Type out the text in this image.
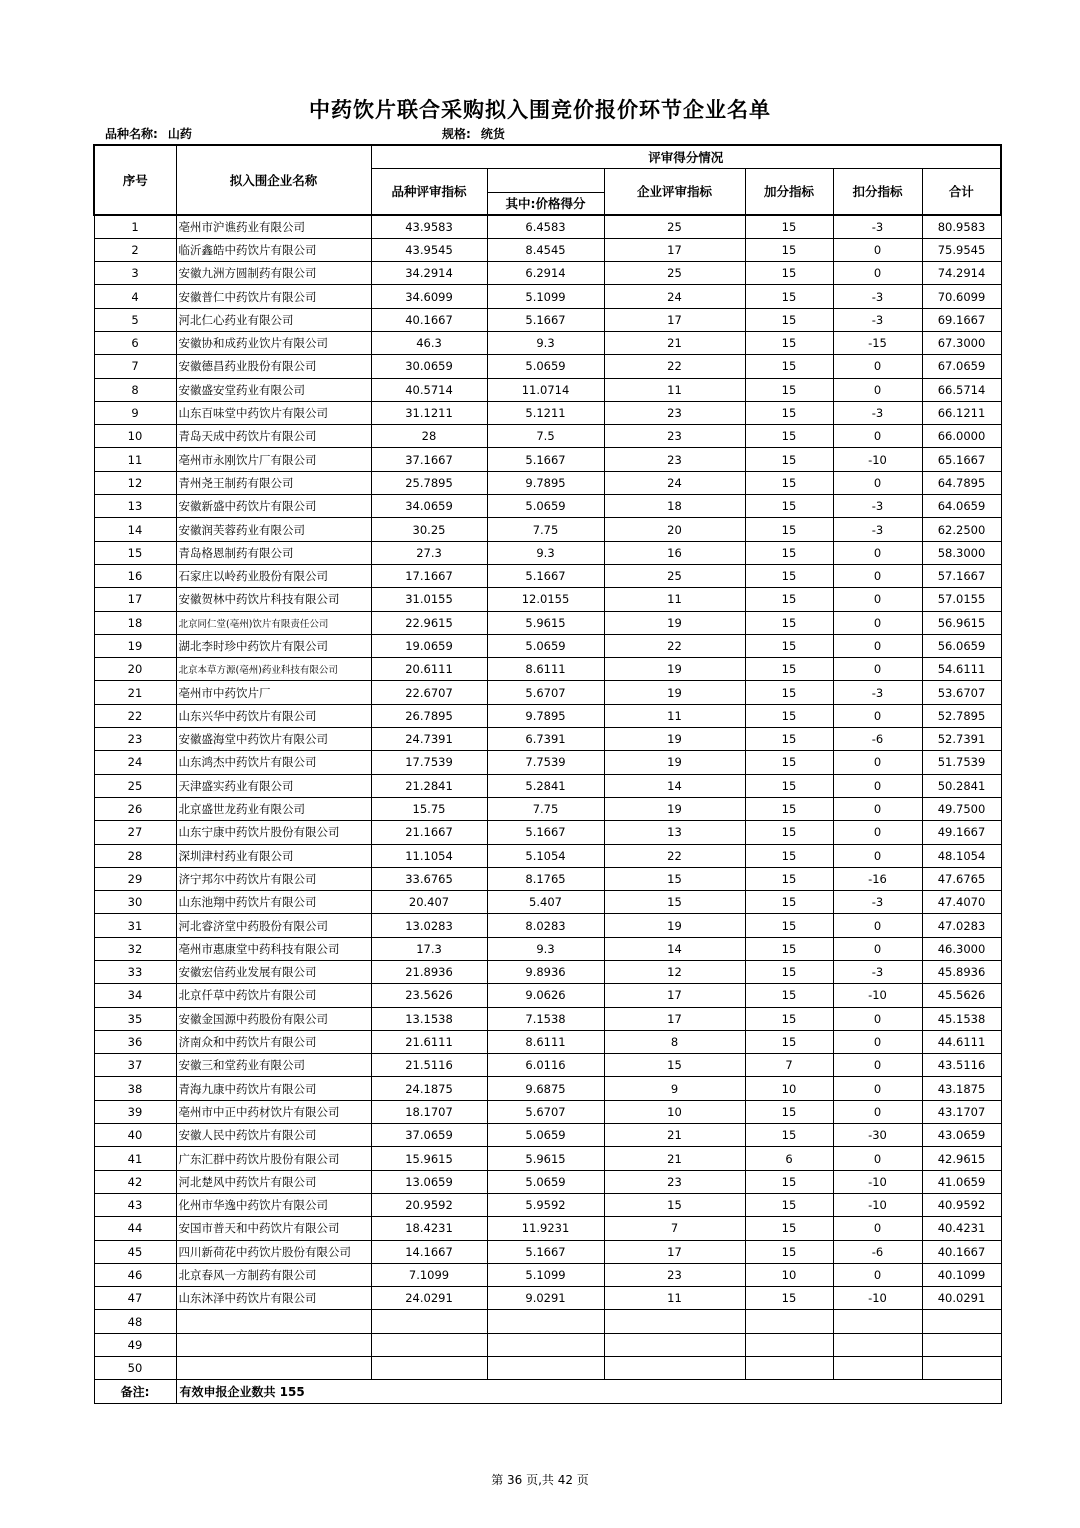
中药饮片联合采购拟入围竞价报价环节企业名单
品种名称: 山药	规格: 统货
序号	拟入围企业名称	评审得分情况					
		品种评审指标		企业评审指标	加分指标	扣分指标	合计
			其中:价格得分				
1	亳州市沪谯药业有限公司	43.9583	6.4583	25	15	-3	80.9583
2	临沂鑫皓中药饮片有限公司	43.9545	8.4545	17	15	0	75.9545
3	安徽九洲方圆制药有限公司	34.2914	6.2914	25	15	0	74.2914
4	安徽普仁中药饮片有限公司	34.6099	5.1099	24	15	-3	70.6099
5	河北仁心药业有限公司	40.1667	5.1667	17	15	-3	69.1667
6	安徽协和成药业饮片有限公司	46.3	9.3	21	15	-15	67.3000
7	安徽德昌药业股份有限公司	30.0659	5.0659	22	15	0	67.0659
8	安徽盛安堂药业有限公司	40.5714	11.0714	11	15	0	66.5714
9	山东百味堂中药饮片有限公司	31.1211	5.1211	23	15	-3	66.1211
10	青岛天成中药饮片有限公司	28	7.5	23	15	0	66.0000
11	亳州市永刚饮片厂有限公司	37.1667	5.1667	23	15	-10	65.1667
12	青州尧王制药有限公司	25.7895	9.7895	24	15	0	64.7895
13	安徽新盛中药饮片有限公司	34.0659	5.0659	18	15	-3	64.0659
14	安徽润芙蓉药业有限公司	30.25	7.75	20	15	-3	62.2500
15	青岛格恩制药有限公司	27.3	9.3	16	15	0	58.3000
16	石家庄以岭药业股份有限公司	17.1667	5.1667	25	15	0	57.1667
17	安徽贺林中药饮片科技有限公司	31.0155	12.0155	11	15	0	57.0155
18	北京同仁堂(亳州)饮片有限责任公司	22.9615	5.9615	19	15	0	56.9615
19	湖北李时珍中药饮片有限公司	19.0659	5.0659	22	15	0	56.0659
20	北京本草方源(亳州)药业科技有限公司	20.6111	8.6111	19	15	0	54.6111
21	亳州市中药饮片厂	22.6707	5.6707	19	15	-3	53.6707
22	山东兴华中药饮片有限公司	26.7895	9.7895	11	15	0	52.7895
23	安徽盛海堂中药饮片有限公司	24.7391	6.7391	19	15	-6	52.7391
24	山东鸿杰中药饮片有限公司	17.7539	7.7539	19	15	0	51.7539
25	天津盛实药业有限公司	21.2841	5.2841	14	15	0	50.2841
26	北京盛世龙药业有限公司	15.75	7.75	19	15	0	49.7500
27	山东宁康中药饮片股份有限公司	21.1667	5.1667	13	15	0	49.1667
28	深圳津村药业有限公司	11.1054	5.1054	22	15	0	48.1054
29	济宁邦尔中药饮片有限公司	33.6765	8.1765	15	15	-16	47.6765
30	山东池翔中药饮片有限公司	20.407	5.407	15	15	-3	47.4070
31	河北睿济堂中药股份有限公司	13.0283	8.0283	19	15	0	47.0283
32	亳州市惠康堂中药科技有限公司	17.3	9.3	14	15	0	46.3000
33	安徽宏信药业发展有限公司	21.8936	9.8936	12	15	-3	45.8936
34	北京仟草中药饮片有限公司	23.5626	9.0626	17	15	-10	45.5626
35	安徽金国源中药股份有限公司	13.1538	7.1538	17	15	0	45.1538
36	济南众和中药饮片有限公司	21.6111	8.6111	8	15	0	44.6111
37	安徽三和堂药业有限公司	21.5116	6.0116	15	7	0	43.5116
38	青海九康中药饮片有限公司	24.1875	9.6875	9	10	0	43.1875
39	亳州市中正中药材饮片有限公司	18.1707	5.6707	10	15	0	43.1707
40	安徽人民中药饮片有限公司	37.0659	5.0659	21	15	-30	43.0659
41	广东汇群中药饮片股份有限公司	15.9615	5.9615	21	6	0	42.9615
42	河北楚风中药饮片有限公司	13.0659	5.0659	23	15	-10	41.0659
43	化州市华逸中药饮片有限公司	20.9592	5.9592	15	15	-10	40.9592
44	安国市普天和中药饮片有限公司	18.4231	11.9231	7	15	0	40.4231
45	四川新荷花中药饮片股份有限公司	14.1667	5.1667	17	15	-6	40.1667
46	北京春风一方制药有限公司	7.1099	5.1099	23	10	0	40.1099
47	山东沐泽中药饮片有限公司	24.0291	9.0291	11	15	-10	40.0291
48							
49							
50							
备注:	有效申报企业数共 155						
第 36 页,共 42 页
